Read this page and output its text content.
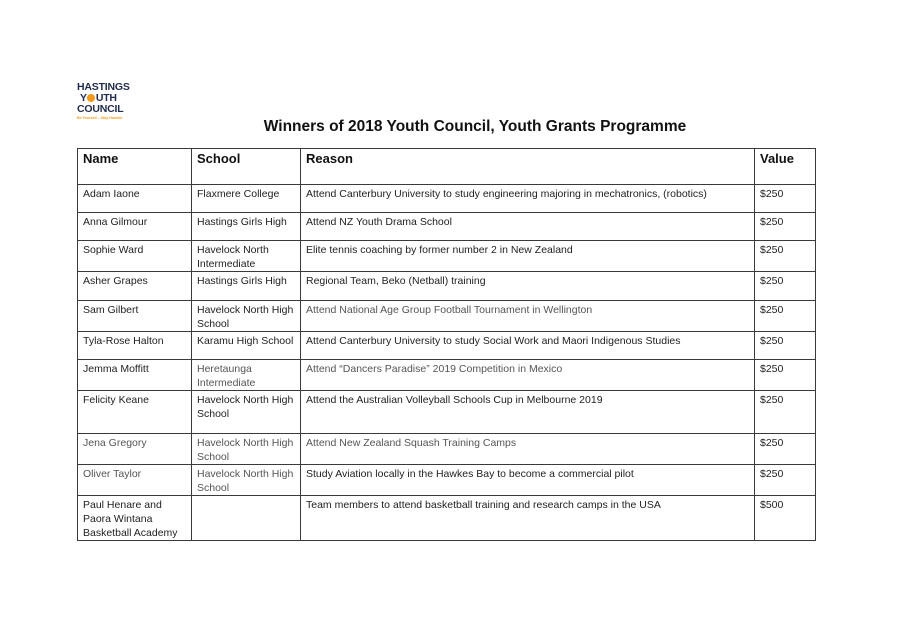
HASTINGS
Y UTH
COUNCIL
Be Yourself – Stay Humble	Winners of 2018 Youth Council, Youth Grants Programme
Name	School	Reason	Value
Adam Iaone	Flaxmere College	Attend Canterbury University to study engineering majoring in mechatronics, (robotics)	$250
Anna Gilmour	Hastings Girls High	Attend NZ Youth Drama School	$250
Sophie Ward	Havelock North Intermediate	Elite tennis coaching by former number 2 in New Zealand	$250
Asher Grapes	Hastings Girls High	Regional Team, Beko (Netball) training	$250
Sam Gilbert	Havelock North High School	Attend National Age Group Football Tournament in Wellington	$250
Tyla-Rose Halton	Karamu High School	Attend Canterbury University to study Social Work and Maori Indigenous Studies	$250
Jemma Moffitt	Heretaunga Intermediate	Attend “Dancers Paradise” 2019 Competition in Mexico	$250
Felicity Keane	Havelock North High School	Attend the Australian Volleyball Schools Cup in Melbourne 2019	$250
Jena Gregory	Havelock North High School	Attend New Zealand Squash Training Camps	$250
Oliver Taylor	Havelock North High School	Study Aviation locally in the Hawkes Bay to become a commercial pilot	$250
Paul Henare and Paora Wintana Basketball Academy		Team members to attend basketball training and research camps in the USA	$500
